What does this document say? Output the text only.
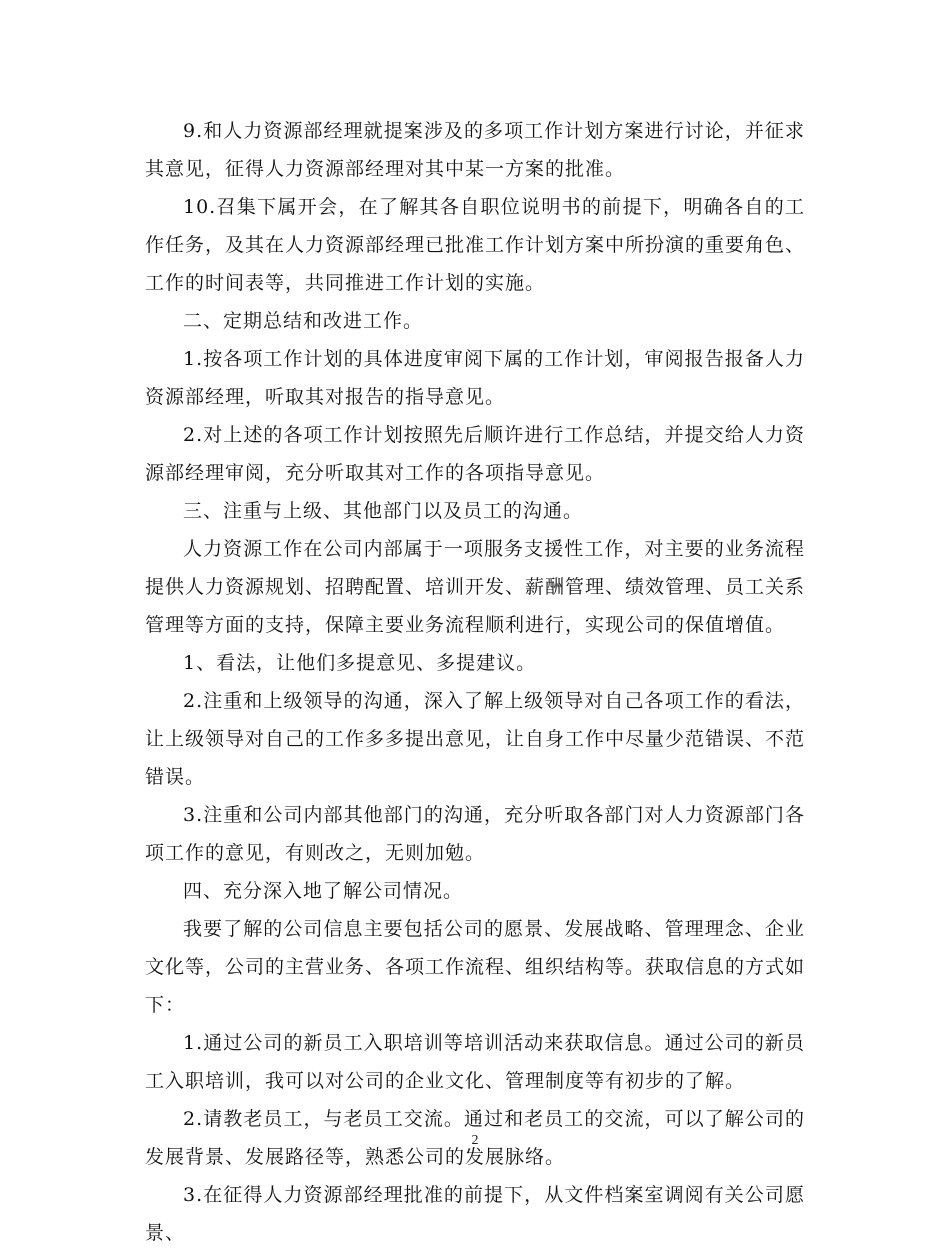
9.和人力资源部经理就提案涉及的多项工作计划方案进行讨论，并征求其意见，征得人力资源部经理对其中某一方案的批准。

10.召集下属开会，在了解其各自职位说明书的前提下，明确各自的工作任务，及其在人力资源部经理已批准工作计划方案中所扮演的重要角色、工作的时间表等，共同推进工作计划的实施。

二、定期总结和改进工作。

1.按各项工作计划的具体进度审阅下属的工作计划，审阅报告报备人力资源部经理，听取其对报告的指导意见。

2.对上述的各项工作计划按照先后顺许进行工作总结，并提交给人力资源部经理审阅，充分听取其对工作的各项指导意见。

三、注重与上级、其他部门以及员工的沟通。

人力资源工作在公司内部属于一项服务支援性工作，对主要的业务流程提供人力资源规划、招聘配置、培训开发、薪酬管理、绩效管理、员工关系管理等方面的支持，保障主要业务流程顺利进行，实现公司的保值增值。

1、看法，让他们多提意见、多提建议。

2.注重和上级领导的沟通，深入了解上级领导对自己各项工作的看法，让上级领导对自己的工作多多提出意见，让自身工作中尽量少范错误、不范错误。

3.注重和公司内部其他部门的沟通，充分听取各部门对人力资源部门各项工作的意见，有则改之，无则加勉。

四、充分深入地了解公司情况。

我要了解的公司信息主要包括公司的愿景、发展战略、管理理念、企业文化等，公司的主营业务、各项工作流程、组织结构等。获取信息的方式如下：

1.通过公司的新员工入职培训等培训活动来获取信息。通过公司的新员工入职培训，我可以对公司的企业文化、管理制度等有初步的了解。

2.请教老员工，与老员工交流。通过和老员工的交流，可以了解公司的发展背景、发展路径等，熟悉公司的发展脉络。

3.在征得人力资源部经理批准的前提下，从文件档案室调阅有关公司愿景、

2
